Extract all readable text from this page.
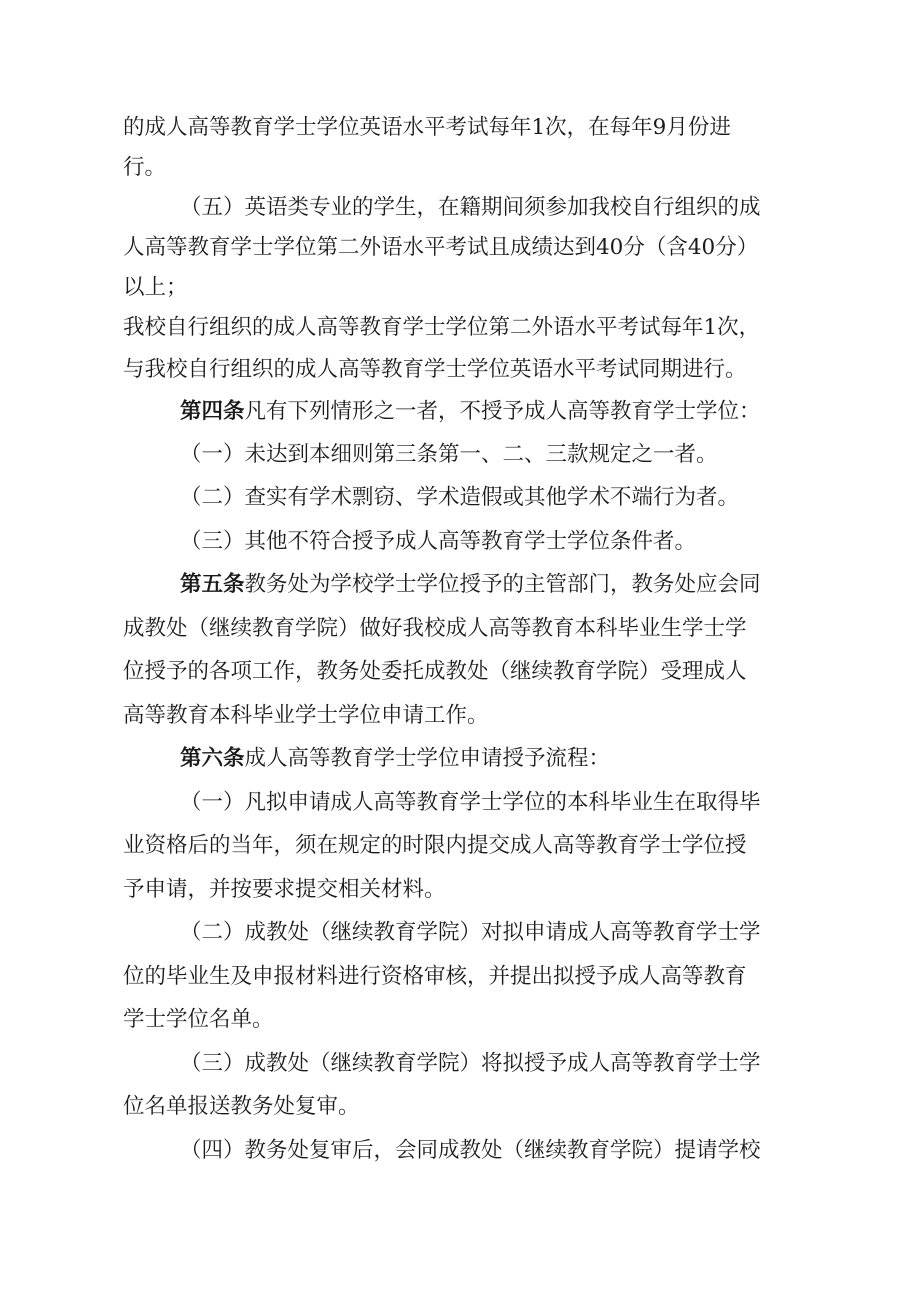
的成人高等教育学士学位英语水平考试每年1次，在每年9月份进
行。
（五）英语类专业的学生，在籍期间须参加我校自行组织的成
人高等教育学士学位第二外语水平考试且成绩达到40分（含40分）
以上；
我校自行组织的成人高等教育学士学位第二外语水平考试每年1次，
与我校自行组织的成人高等教育学士学位英语水平考试同期进行。
第四条凡有下列情形之一者，不授予成人高等教育学士学位：
（一）未达到本细则第三条第一、二、三款规定之一者。
（二）查实有学术剽窃、学术造假或其他学术不端行为者。
（三）其他不符合授予成人高等教育学士学位条件者。
第五条教务处为学校学士学位授予的主管部门，教务处应会同
成教处（继续教育学院）做好我校成人高等教育本科毕业生学士学
位授予的各项工作，教务处委托成教处（继续教育学院）受理成人
高等教育本科毕业学士学位申请工作。
第六条成人高等教育学士学位申请授予流程：
（一）凡拟申请成人高等教育学士学位的本科毕业生在取得毕
业资格后的当年，须在规定的时限内提交成人高等教育学士学位授
予申请，并按要求提交相关材料。
（二）成教处（继续教育学院）对拟申请成人高等教育学士学
位的毕业生及申报材料进行资格审核，并提出拟授予成人高等教育
学士学位名单。
（三）成教处（继续教育学院）将拟授予成人高等教育学士学
位名单报送教务处复审。
（四）教务处复审后，会同成教处（继续教育学院）提请学校
